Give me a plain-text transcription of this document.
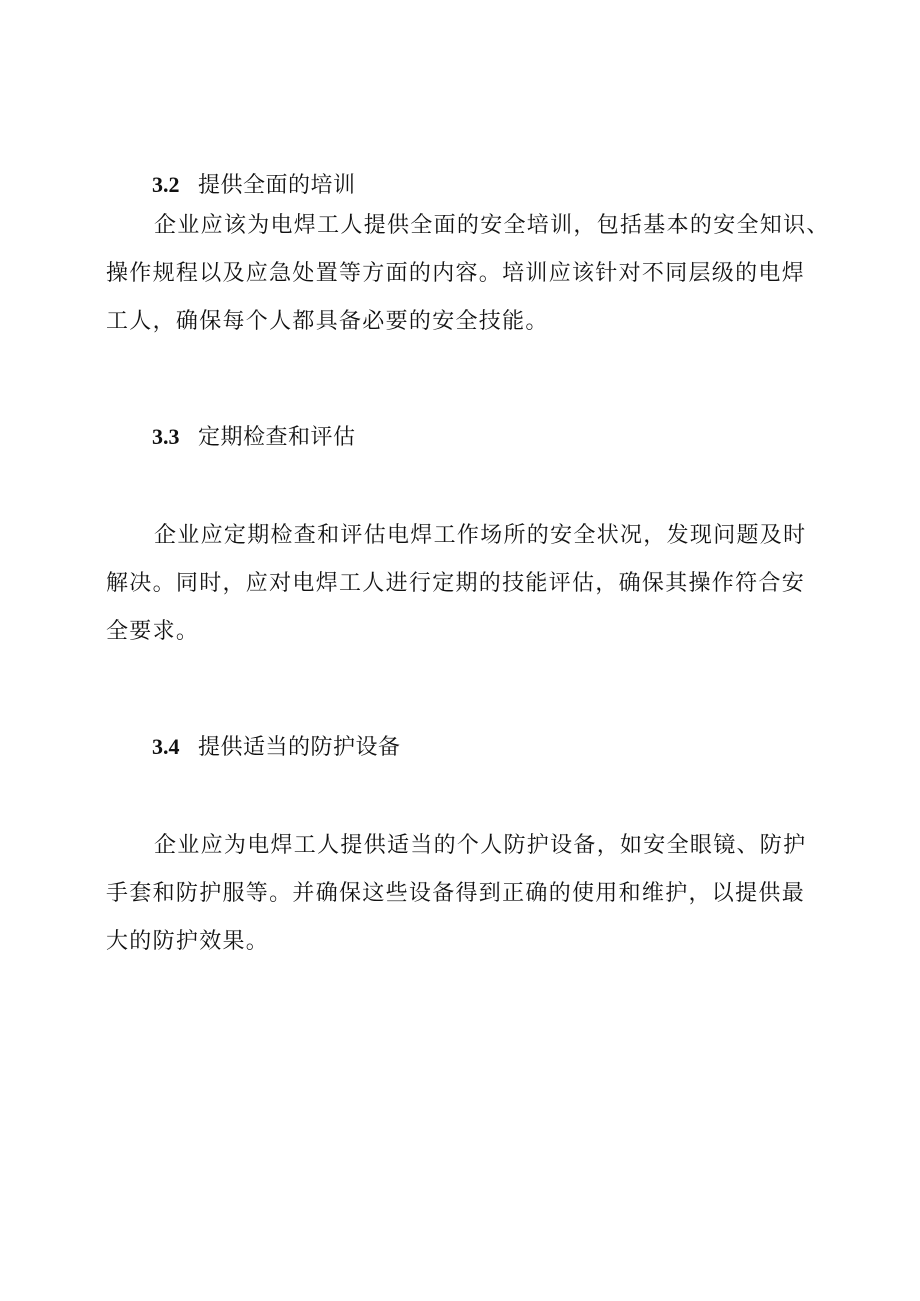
3.2 提供全面的培训

企业应该为电焊工人提供全面的安全培训，包括基本的安全知识、
操作规程以及应急处置等方面的内容。培训应该针对不同层级的电焊
工人，确保每个人都具备必要的安全技能。

3.3 定期检查和评估

企业应定期检查和评估电焊工作场所的安全状况，发现问题及时
解决。同时，应对电焊工人进行定期的技能评估，确保其操作符合安
全要求。

3.4 提供适当的防护设备

企业应为电焊工人提供适当的个人防护设备，如安全眼镜、防护
手套和防护服等。并确保这些设备得到正确的使用和维护，以提供最
大的防护效果。
